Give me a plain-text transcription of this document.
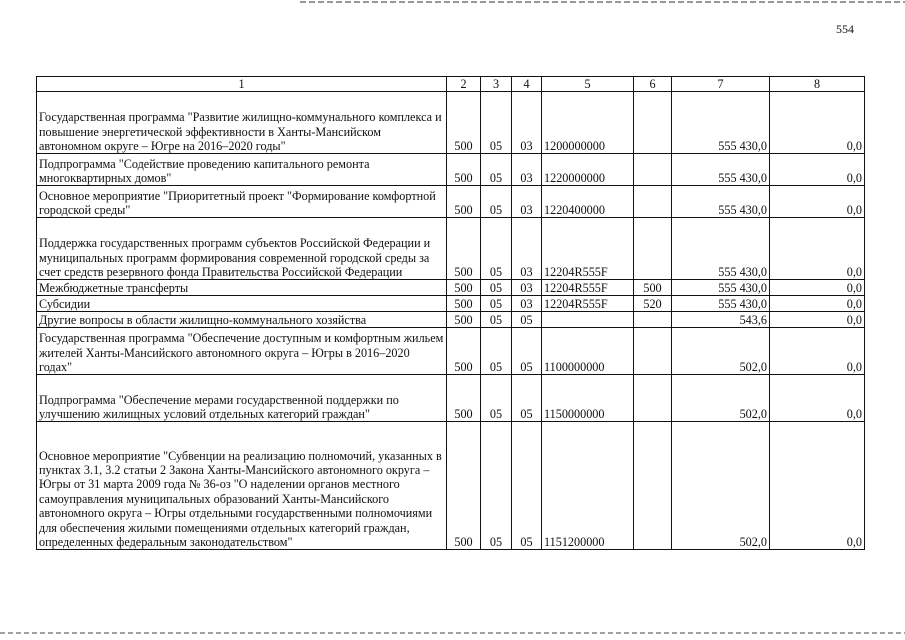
554
1	2	3	4	5	6	7	8
Государственная программа "Развитие жилищно-коммунального комплекса и повышение энергетической эффективности в Ханты-Мансийском автономном округе – Югре на 2016–2020 годы"	500	05	03	1200000000		555 430,0	0,0
Подпрограмма "Содействие проведению капитального ремонта многоквартирных домов"	500	05	03	1220000000		555 430,0	0,0
Основное мероприятие "Приоритетный проект "Формирование комфортной городской среды"	500	05	03	1220400000		555 430,0	0,0
Поддержка государственных программ субъектов Российской Федерации и муниципальных программ формирования современной городской среды за счет средств резервного фонда Правительства Российской Федерации	500	05	03	12204R555F		555 430,0	0,0
Межбюджетные трансферты	500	05	03	12204R555F	500	555 430,0	0,0
Субсидии	500	05	03	12204R555F	520	555 430,0	0,0
Другие вопросы в области жилищно-коммунального хозяйства	500	05	05			543,6	0,0
Государственная программа "Обеспечение доступным и комфортным жильем жителей Ханты-Мансийского автономного округа – Югры в 2016–2020 годах"	500	05	05	1100000000		502,0	0,0
Подпрограмма "Обеспечение мерами государственной поддержки по улучшению жилищных условий отдельных категорий граждан"	500	05	05	1150000000		502,0	0,0
Основное мероприятие "Субвенции на реализацию полномочий, указанных в пунктах 3.1, 3.2 статьи 2 Закона Ханты-Мансийского автономного округа – Югры от 31 марта 2009 года № 36-оз "О наделении органов местного самоуправления муниципальных образований Ханты-Мансийского автономного округа – Югры отдельными государственными полномочиями для обеспечения жилыми помещениями отдельных категорий граждан, определенных федеральным законодательством"	500	05	05	1151200000		502,0	0,0
